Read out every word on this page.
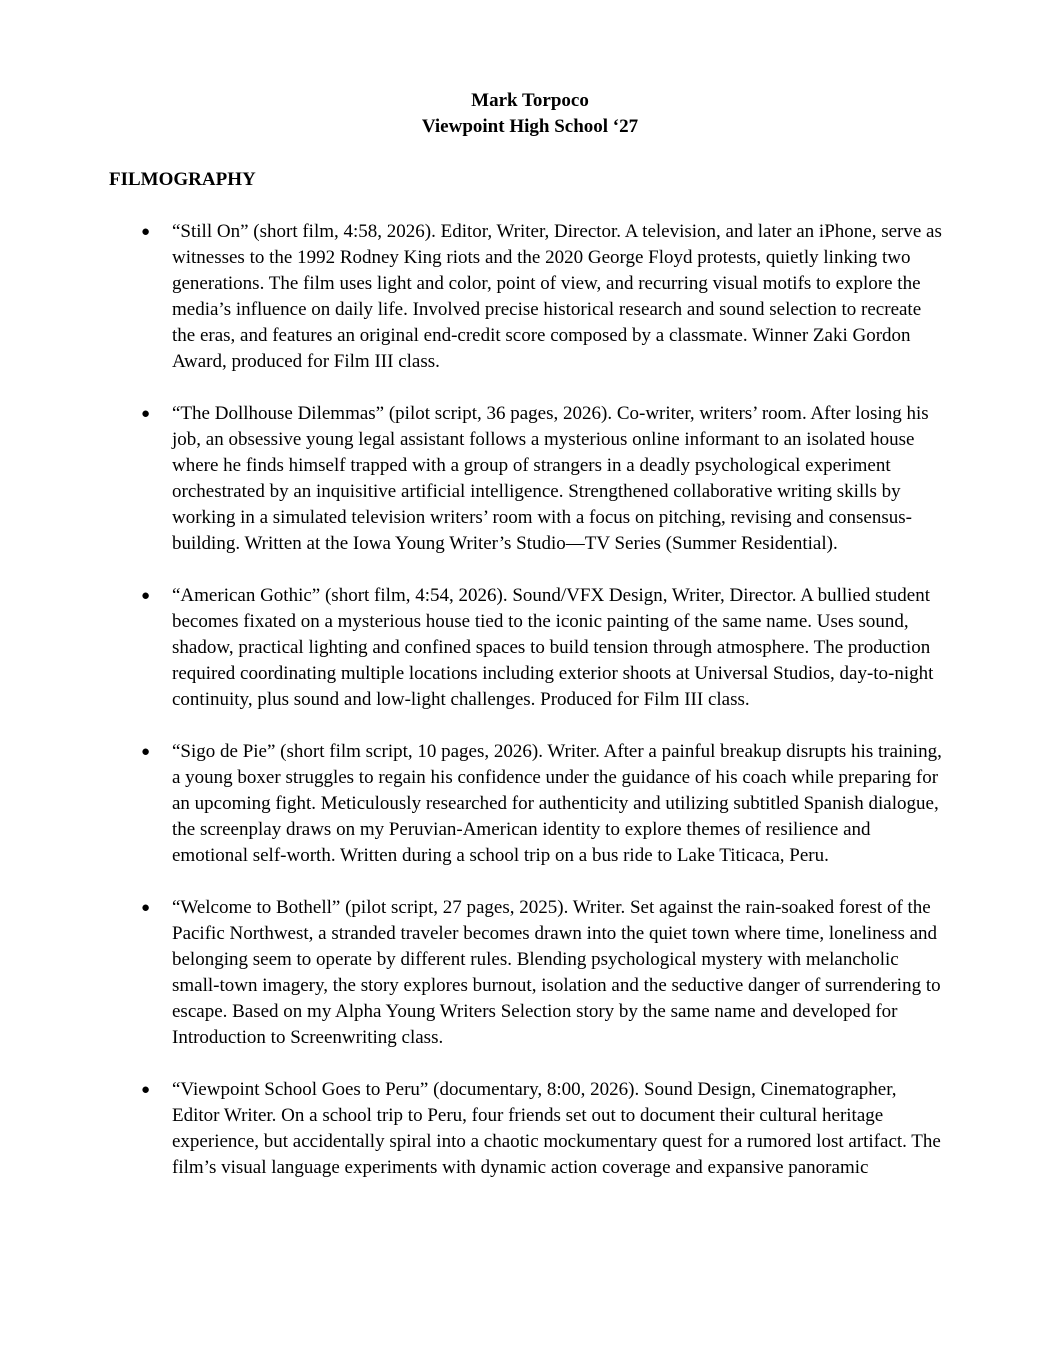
Mark Torpoco
Viewpoint High School ‘27
FILMOGRAPHY
● “Still On” (short film, 4:58, 2026). Editor, Writer, Director. A television, and later an iPhone, serve as witnesses to the 1992 Rodney King riots and the 2020 George Floyd protests, quietly linking two generations. The film uses light and color, point of view, and recurring visual motifs to explore the media’s influence on daily life. Involved precise historical research and sound selection to recreate the eras, and features an original end-credit score composed by a classmate. Winner Zaki Gordon Award, produced for Film III class.
● “The Dollhouse Dilemmas” (pilot script, 36 pages, 2026). Co-writer, writers’ room. After losing his job, an obsessive young legal assistant follows a mysterious online informant to an isolated house where he finds himself trapped with a group of strangers in a deadly psychological experiment orchestrated by an inquisitive artificial intelligence. Strengthened collaborative writing skills by working in a simulated television writers’ room with a focus on pitching, revising and consensus-building. Written at the Iowa Young Writer’s Studio—TV Series (Summer Residential).
● “American Gothic” (short film, 4:54, 2026). Sound/VFX Design, Writer, Director. A bullied student becomes fixated on a mysterious house tied to the iconic painting of the same name. Uses sound, shadow, practical lighting and confined spaces to build tension through atmosphere. The production required coordinating multiple locations including exterior shoots at Universal Studios, day-to-night continuity, plus sound and low-light challenges. Produced for Film III class.
● “Sigo de Pie” (short film script, 10 pages, 2026). Writer. After a painful breakup disrupts his training, a young boxer struggles to regain his confidence under the guidance of his coach while preparing for an upcoming fight. Meticulously researched for authenticity and utilizing subtitled Spanish dialogue, the screenplay draws on my Peruvian-American identity to explore themes of resilience and emotional self-worth. Written during a school trip on a bus ride to Lake Titicaca, Peru.
● “Welcome to Bothell” (pilot script, 27 pages, 2025). Writer. Set against the rain-soaked forest of the Pacific Northwest, a stranded traveler becomes drawn into the quiet town where time, loneliness and belonging seem to operate by different rules. Blending psychological mystery with melancholic small-town imagery, the story explores burnout, isolation and the seductive danger of surrendering to escape. Based on my Alpha Young Writers Selection story by the same name and developed for Introduction to Screenwriting class.
● “Viewpoint School Goes to Peru” (documentary, 8:00, 2026). Sound Design, Cinematographer, Editor Writer. On a school trip to Peru, four friends set out to document their cultural heritage experience, but accidentally spiral into a chaotic mockumentary quest for a rumored lost artifact. The film’s visual language experiments with dynamic action coverage and expansive panoramic
